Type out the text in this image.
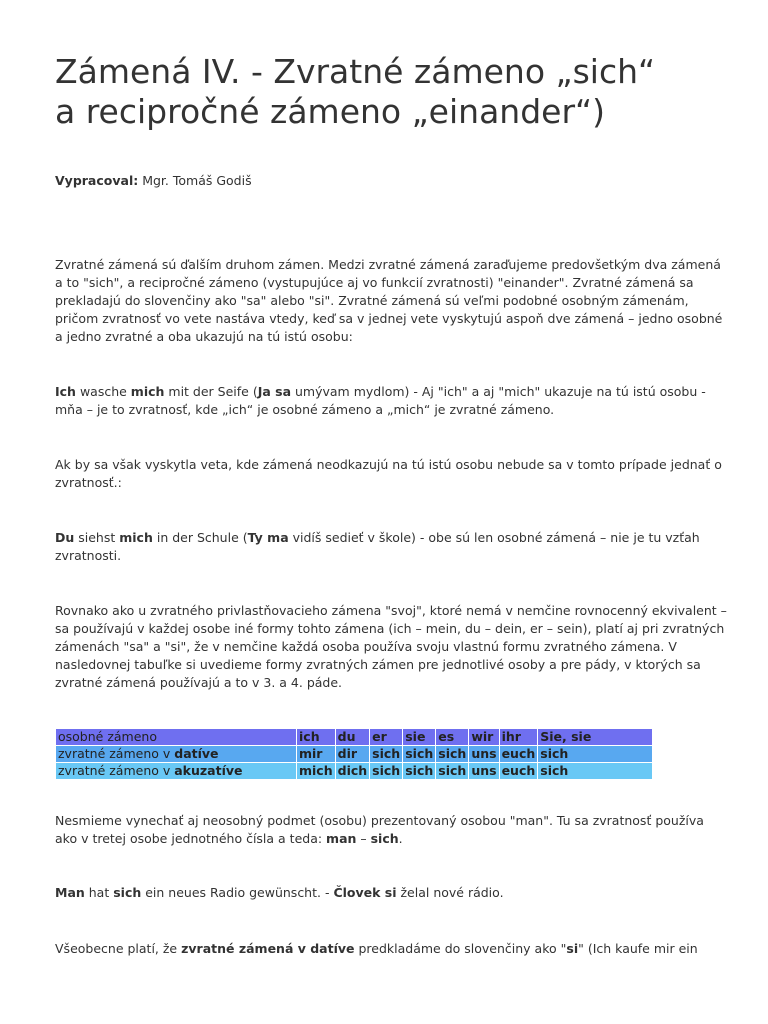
Zámená IV. - Zvratné zámeno „sich“
a recipročné zámeno „einander“)

Vypracoval: Mgr. Tomáš Godiš

Zvratné zámená sú ďalším druhom zámen. Medzi zvratné zámená zaraďujeme predovšetkým dva zámená
a to "sich", a recipročné zámeno (vystupujúce aj vo funkcií zvratnosti) "einander". Zvratné zámená sa
prekladajú do slovenčiny ako "sa" alebo "si". Zvratné zámená sú veľmi podobné osobným zámenám,
pričom zvratnosť vo vete nastáva vtedy, keď sa v jednej vete vyskytujú aspoň dve zámená – jedno osobné
a jedno zvratné a oba ukazujú na tú istú osobu:

Ich wasche mich mit der Seife (Ja sa umývam mydlom) - Aj "ich" a aj "mich" ukazuje na tú istú osobu -
mňa – je to zvratnosť, kde „ich“ je osobné zámeno a „mich“ je zvratné zámeno.

Ak by sa však vyskytla veta, kde zámená neodkazujú na tú istú osobu nebude sa v tomto prípade jednať o
zvratnosť.:

Du siehst mich in der Schule (Ty ma vidíš sedieť v škole) - obe sú len osobné zámená – nie je tu vzťah
zvratnosti.

Rovnako ako u zvratného privlastňovacieho zámena "svoj", ktoré nemá v nemčine rovnocenný ekvivalent –
sa používajú v každej osobe iné formy tohto zámena (ich – mein, du – dein, er – sein), platí aj pri zvratných
zámenách "sa" a "si", že v nemčine každá osoba používa svoju vlastnú formu zvratného zámena. V
nasledovnej tabuľke si uvedieme formy zvratných zámen pre jednotlivé osoby a pre pády, v ktorých sa
zvratné zámená používajú a to v 3. a 4. páde.

osobné zámeno	ich	du	er	sie	es	wir	ihr	Sie, sie
zvratné zámeno v datíve	mir	dir	sich	sich	sich	uns	euch	sich
zvratné zámeno v akuzatíve	mich	dich	sich	sich	sich	uns	euch	sich

Nesmieme vynechať aj neosobný podmet (osobu) prezentovaný osobou "man". Tu sa zvratnosť používa
ako v tretej osobe jednotného čísla a teda: man – sich.

Man hat sich ein neues Radio gewünscht. - Človek si želal nové rádio.

Všeobecne platí, že zvratné zámená v datíve predkladáme do slovenčiny ako "si" (Ich kaufe mir ein
